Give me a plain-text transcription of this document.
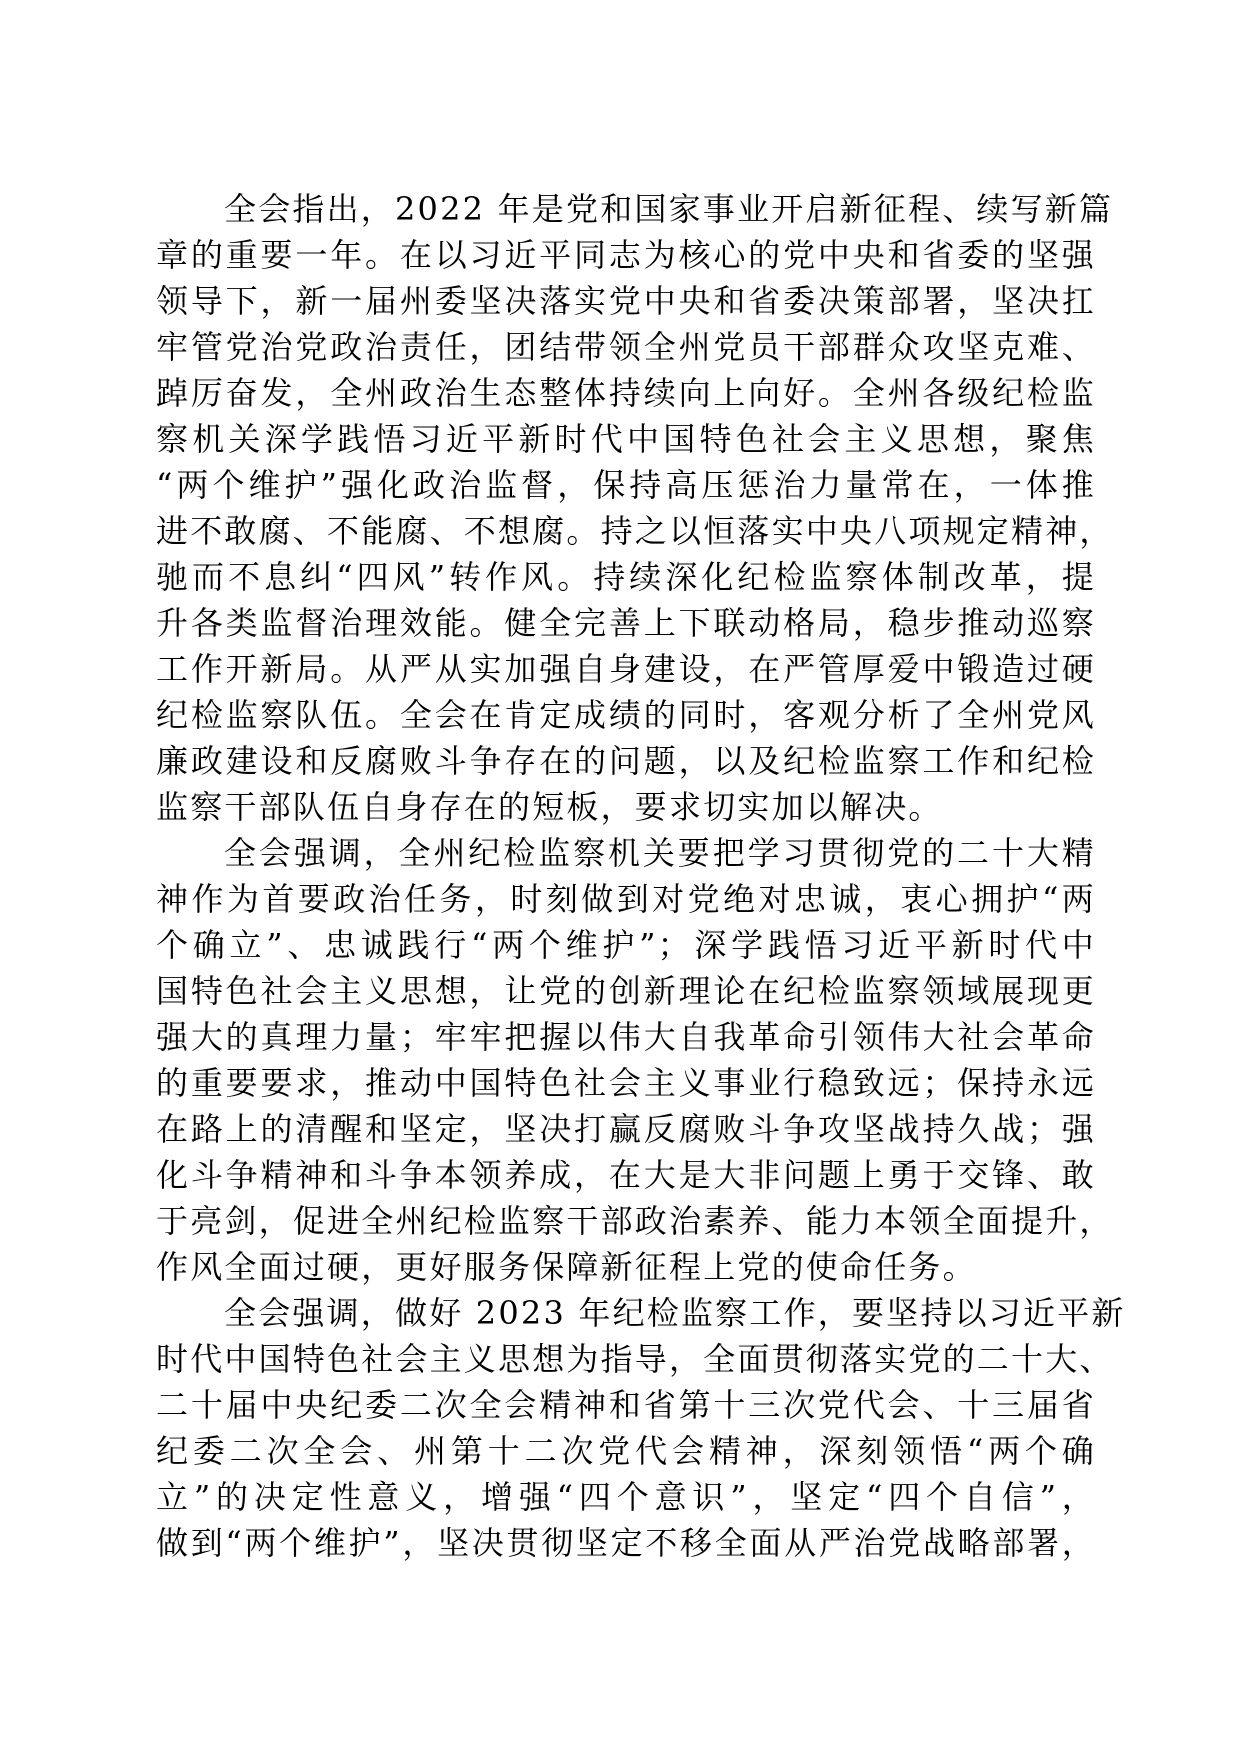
全会指出，2022 年是党和国家事业开启新征程、续写新篇
章的重要一年。在以习近平同志为核心的党中央和省委的坚强
领导下，新一届州委坚决落实党中央和省委决策部署，坚决扛
牢管党治党政治责任，团结带领全州党员干部群众攻坚克难、
踔厉奋发，全州政治生态整体持续向上向好。全州各级纪检监
察机关深学践悟习近平新时代中国特色社会主义思想，聚焦
“两个维护”强化政治监督，保持高压惩治力量常在，一体推
进不敢腐、不能腐、不想腐。持之以恒落实中央八项规定精神，
驰而不息纠“四风”转作风。持续深化纪检监察体制改革，提
升各类监督治理效能。健全完善上下联动格局，稳步推动巡察
工作开新局。从严从实加强自身建设，在严管厚爱中锻造过硬
纪检监察队伍。全会在肯定成绩的同时，客观分析了全州党风
廉政建设和反腐败斗争存在的问题，以及纪检监察工作和纪检
监察干部队伍自身存在的短板，要求切实加以解决。

全会强调，全州纪检监察机关要把学习贯彻党的二十大精
神作为首要政治任务，时刻做到对党绝对忠诚，衷心拥护“两
个确立”、忠诚践行“两个维护”；深学践悟习近平新时代中
国特色社会主义思想，让党的创新理论在纪检监察领域展现更
强大的真理力量；牢牢把握以伟大自我革命引领伟大社会革命
的重要要求，推动中国特色社会主义事业行稳致远；保持永远
在路上的清醒和坚定，坚决打赢反腐败斗争攻坚战持久战；强
化斗争精神和斗争本领养成，在大是大非问题上勇于交锋、敢
于亮剑，促进全州纪检监察干部政治素养、能力本领全面提升，
作风全面过硬，更好服务保障新征程上党的使命任务。

全会强调，做好 2023 年纪检监察工作，要坚持以习近平新
时代中国特色社会主义思想为指导，全面贯彻落实党的二十大、
二十届中央纪委二次全会精神和省第十三次党代会、十三届省
纪委二次全会、州第十二次党代会精神，深刻领悟“两个确
立”的决定性意义，增强“四个意识”，坚定“四个自信”，
做到“两个维护”，坚决贯彻坚定不移全面从严治党战略部署，
